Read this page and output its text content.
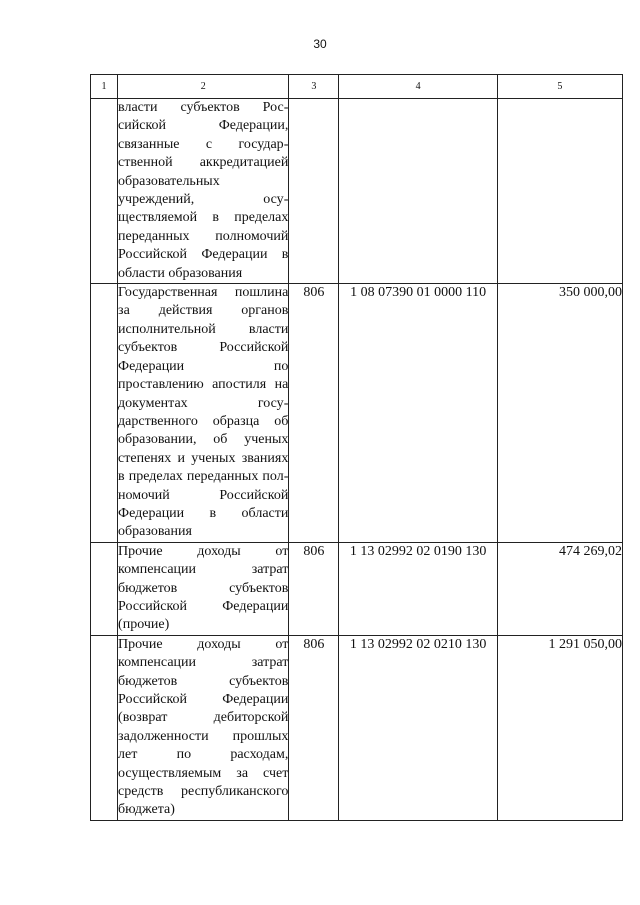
30
1	2	3	4	5
	власти субъектов Российской Федерации, связанные с государственной аккредитацией образовательных учреждений, осуществляемой в пределах переданных полномочий Российской Федерации в области образования			
	Государственная пошлина за действия органов исполнительной власти субъектов Российской Федерации по проставлению апостиля на документах государственного образца об образовании, об ученых степенях и ученых званиях в пределах переданных полномочий Российской Федерации в области образования	806	1 08 07390 01 0000 110	350 000,00
	Прочие доходы от компенсации затрат бюджетов субъектов Российской Федерации (прочие)	806	1 13 02992 02 0190 130	474 269,02
	Прочие доходы от компенсации затрат бюджетов субъектов Российской Федерации (возврат дебиторской задолженности прошлых лет по расходам, осуществляемым за счет средств республиканского бюджета)	806	1 13 02992 02 0210 130	1 291 050,00
